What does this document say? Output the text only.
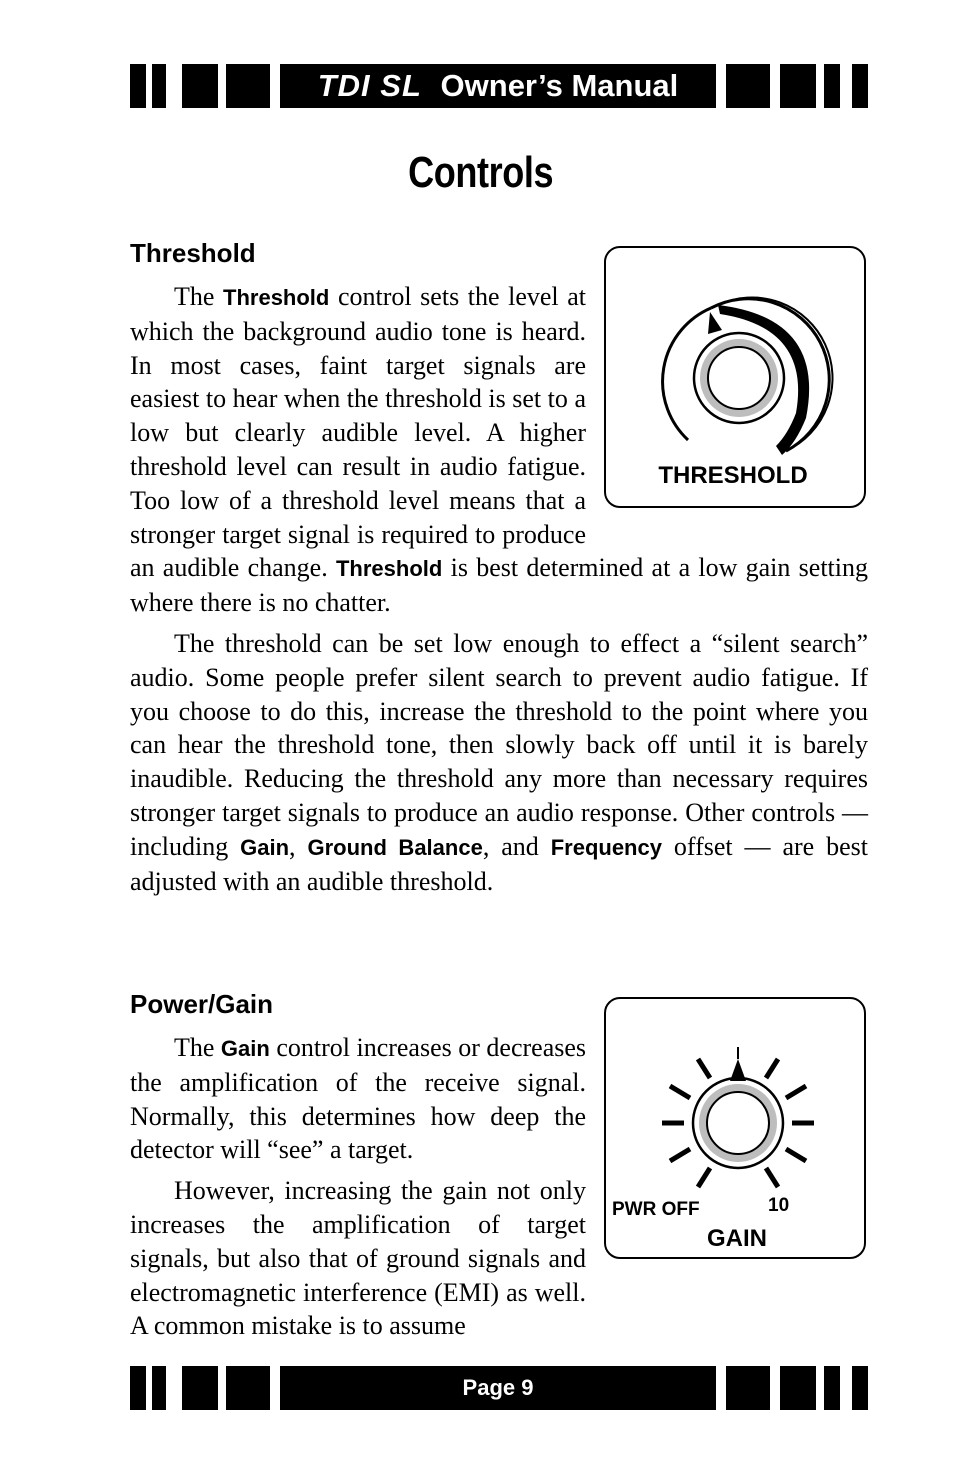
TDI SL Owner’s Manual
Controls
Threshold
THRESHOLD

The Threshold control sets the level at which the background audio tone is heard. In most cases, faint target signals are easiest to hear when the threshold is set to a low but clearly audible level. A higher threshold level can result in audio fatigue. Too low of a threshold level means that a stronger target signal is required to produce an audible change. Threshold is best determined at a low gain setting where there is no chatter.

The threshold can be set low enough to effect a “silent search” audio. Some people prefer silent search to prevent audio fatigue. If you choose to do this, increase the threshold to the point where you can hear the threshold tone, then slowly back off until it is barely inaudible. Reducing the threshold any more than necessary requires stronger target signals to produce an audio response. Other controls — including Gain, Ground Balance, and Frequency offset — are best adjusted with an audible threshold.

Power/Gain
PWR OFF	10
GAIN

The Gain control increases or decreases the amplification of the receive signal. Normally, this determines how deep the detector will “see” a target.

However, increasing the gain not only increases the amplification of target signals, but also that of ground signals and electromagnetic interference (EMI) as well. A common mistake is to assume

Page 9
